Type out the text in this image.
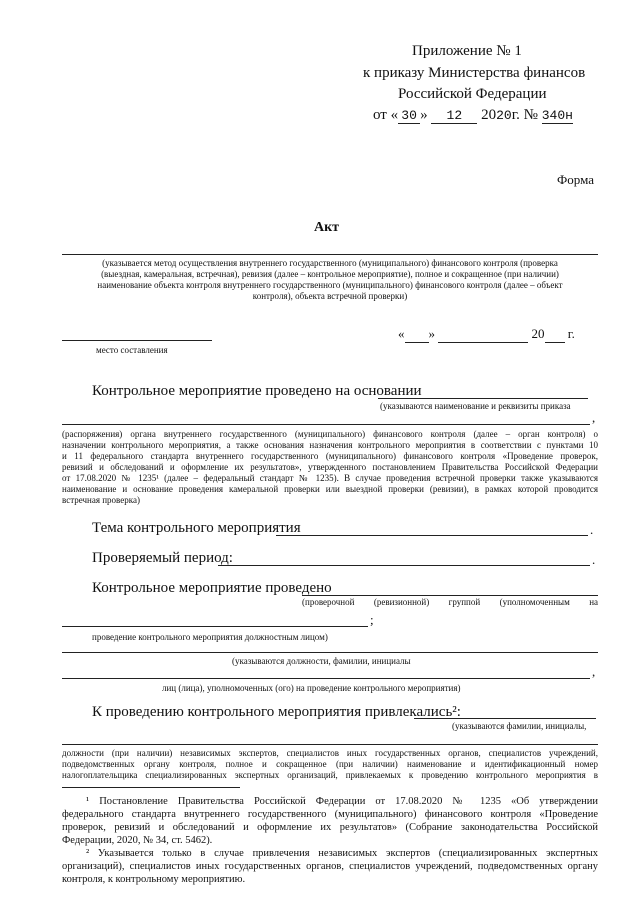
Приложение № 1
к приказу Министерства финансов
Российской Федерации
от « 30 » 12 2020г. № 340н
Форма
Акт
(указывается метод осуществления внутреннего государственного (муниципального) финансового контроля (проверка
(выездная, камеральная, встречная), ревизия (далее – контрольное мероприятие), полное и сокращенное (при наличии)
наименование объекта контроля внутреннего государственного (муниципального) финансового контроля (далее – объект
контроля), объекта встречной проверки)
место составления
« »	20 г.
Контрольное мероприятие проведено на основании
(указываются наименование и реквизиты приказа
,
(распоряжения) органа внутреннего государственного (муниципального) финансового контроля (далее – орган контроля) о
назначении контрольного мероприятия, а также основания назначения контрольного мероприятия в соответствии с пунктами 10
и 11 федерального стандарта внутреннего государственного (муниципального) финансового контроля «Проведение проверок,
ревизий и обследований и оформление их результатов», утвержденного постановлением Правительства Российской Федерации
от 17.08.2020 № 1235¹ (далее – федеральный стандарт № 1235). В случае проведения встречной проверки также указываются
наименование и основание проведения камеральной проверки или выездной проверки (ревизии), в рамках которой проводится
встречная проверка)
Тема контрольного мероприятия	.
Проверяемый период:	.
Контрольное мероприятие проведено
(проверочной (ревизионной) группой (уполномоченным на
;
проведение контрольного мероприятия должностным лицом)
(указываются должности, фамилии, инициалы
,
лиц (лица), уполномоченных (ого) на проведение контрольного мероприятия)
К проведению контрольного мероприятия привлекались²:
(указываются фамилии, инициалы,
должности (при наличии) независимых экспертов, специалистов иных государственных органов, специалистов учреждений,
подведомственных органу контроля, полное и сокращенное (при наличии) наименование и идентификационный номер
налогоплательщика специализированных экспертных организаций, привлекаемых к проведению контрольного мероприятия в
¹ Постановление Правительства Российской Федерации от 17.08.2020 № 1235 «Об утверждении
федерального стандарта внутреннего государственного (муниципального) финансового контроля «Проведение
проверок, ревизий и обследований и оформление их результатов» (Собрание законодательства Российской
Федерации, 2020, № 34, ст. 5462).
² Указывается только в случае привлечения независимых экспертов (специализированных экспертных
организаций), специалистов иных государственных органов, специалистов учреждений, подведомственных органу
контроля, к контрольному мероприятию.
